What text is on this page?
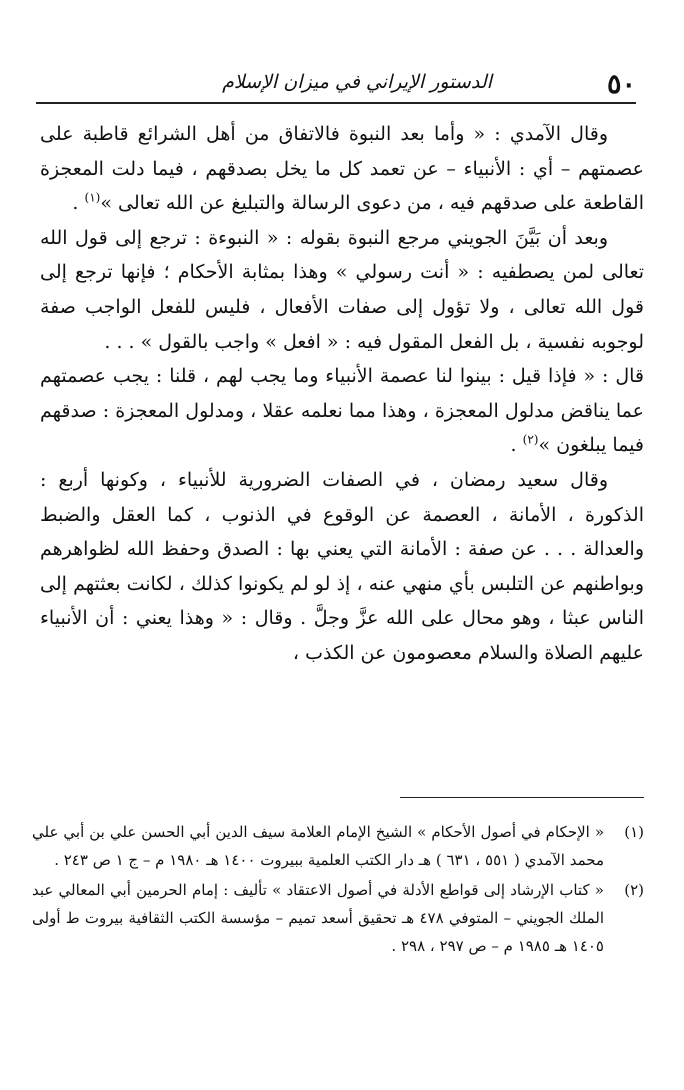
٥٠
الدستور الإيراني في ميزان الإسلام

وقال الآمدي : « وأما بعد النبوة فالاتفاق من أهل الشرائع قاطبة على عصمتهم – أي : الأنبياء – عن تعمد كل ما يخل بصدقهم ، فيما دلت المعجزة القاطعة على صدقهم فيه ، من دعوى الرسالة والتبليغ عن الله تعالى »$^{(١)}$ .

وبعد أن بَيَّنَ الجويني مرجع النبوة بقوله : « النبوءة : ترجع إلى قول الله تعالى لمن يصطفيه : « أنت رسولي » وهذا بمثابة الأحكام ؛ فإنها ترجع إلى قول الله تعالى ، ولا تؤول إلى صفات الأفعال ، فليس للفعل الواجب صفة لوجوبه نفسية ، بل الفعل المقول فيه : « افعل » واجب بالقول » . . .

قال : « فإذا قيل : بينوا لنا عصمة الأنبياء وما يجب لهم ، قلنا : يجب عصمتهم عما يناقض مدلول المعجزة ، وهذا مما نعلمه عقلا ، ومدلول المعجزة : صدقهم فيما يبلغون »$^{(٢)}$ .

وقال سعيد رمضان ، في الصفات الضرورية للأنبياء ، وكونها أربع : الذكورة ، الأمانة ، العصمة عن الوقوع في الذنوب ، كما العقل والضبط والعدالة . . . عن صفة : الأمانة التي يعني بها : الصدق وحفظ الله لظواهرهم وبواطنهم عن التلبس بأي منهي عنه ، إذ لو لم يكونوا كذلك ، لكانت بعثتهم إلى الناس عبثا ، وهو محال على الله عزَّ وجلَّ . وقال : « وهذا يعني : أن الأنبياء عليهم الصلاة والسلام معصومون عن الكذب ،

(١)
« الإحكام في أصول الأحكام » الشيخ الإمام العلامة سيف الدين أبي الحسن علي بن أبي علي محمد الآمدي ( ٥٥١ ، ٦٣١ ) هـ دار الكتب العلمية ببيروت ١٤٠٠ هـ ١٩٨٠ م – ج ١ ص ٢٤٣ .
(٢)
« كتاب الإرشاد إلى قواطع الأدلة في أصول الاعتقاد » تأليف : إمام الحرمين أبي المعالي عبد الملك الجويني – المتوفي ٤٧٨ هـ تحقيق أسعد تميم – مؤسسة الكتب الثقافية بيروت ط أولى ١٤٠٥ هـ ١٩٨٥ م – ص ٢٩٧ ، ٢٩٨ .
